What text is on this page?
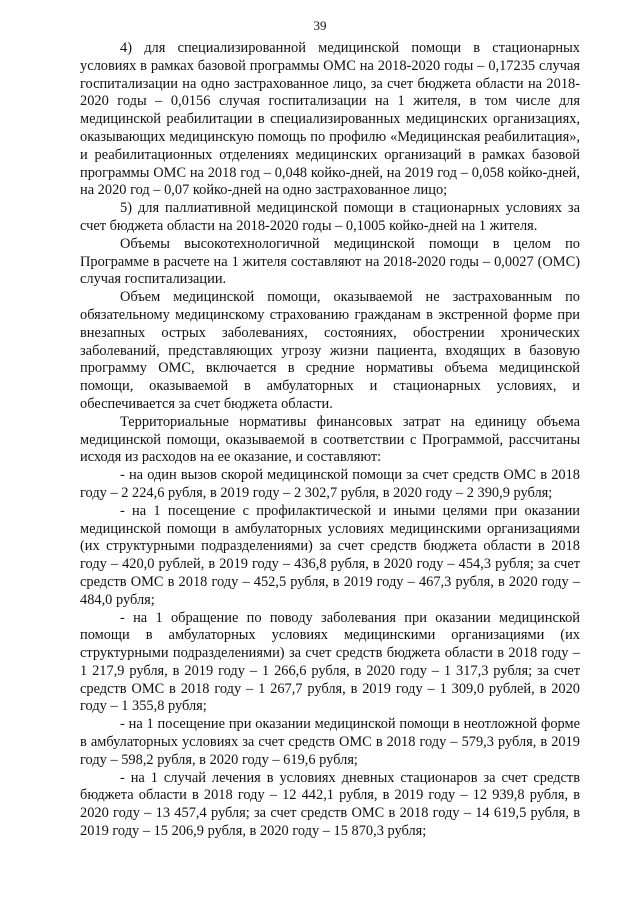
39

4) для специализированной медицинской помощи в стационарных условиях в рамках базовой программы ОМС на 2018-2020 годы – 0,17235 случая госпитализации на одно застрахованное лицо, за счет бюджета области на 2018-2020 годы – 0,0156 случая госпитализации на 1 жителя, в том числе для медицинской реабилитации в специализированных медицинских организациях, оказывающих медицинскую помощь по профилю «Медицинская реабилитация», и реабилитационных отделениях медицинских организаций в рамках базовой программы ОМС на 2018 год – 0,048 койко-дней, на 2019 год – 0,058 койко-дней, на 2020 год – 0,07 койко-дней на одно застрахованное лицо;

5) для паллиативной медицинской помощи в стационарных условиях за счет бюджета области на 2018-2020 годы – 0,1005 койко-дней на 1 жителя.

Объемы высокотехнологичной медицинской помощи в целом по Программе в расчете на 1 жителя составляют на 2018-2020 годы – 0,0027 (ОМС) случая госпитализации.

Объем медицинской помощи, оказываемой не застрахованным по обязательному медицинскому страхованию гражданам в экстренной форме при внезапных острых заболеваниях, состояниях, обострении хронических заболеваний, представляющих угрозу жизни пациента, входящих в базовую программу ОМС, включается в средние нормативы объема медицинской помощи, оказываемой в амбулаторных и стационарных условиях, и обеспечивается за счет бюджета области.

Территориальные нормативы финансовых затрат на единицу объема медицинской помощи, оказываемой в соответствии с Программой, рассчитаны исходя из расходов на ее оказание, и составляют:

- на один вызов скорой медицинской помощи за счет средств ОМС в 2018 году – 2 224,6 рубля, в 2019 году – 2 302,7 рубля, в 2020 году – 2 390,9 рубля;

- на 1 посещение с профилактической и иными целями при оказании медицинской помощи в амбулаторных условиях медицинскими организациями (их структурными подразделениями) за счет средств бюджета области в 2018 году – 420,0 рублей, в 2019 году – 436,8 рубля, в 2020 году – 454,3 рубля; за счет средств ОМС в 2018 году – 452,5 рубля, в 2019 году – 467,3 рубля, в 2020 году – 484,0 рубля;

- на 1 обращение по поводу заболевания при оказании медицинской помощи в амбулаторных условиях медицинскими организациями (их структурными подразделениями) за счет средств бюджета области в 2018 году – 1 217,9 рубля, в 2019 году – 1 266,6 рубля, в 2020 году – 1 317,3 рубля; за счет средств ОМС в 2018 году – 1 267,7 рубля, в 2019 году – 1 309,0 рублей, в 2020 году – 1 355,8 рубля;

- на 1 посещение при оказании медицинской помощи в неотложной форме в амбулаторных условиях за счет средств ОМС в 2018 году – 579,3 рубля, в 2019 году – 598,2 рубля, в 2020 году – 619,6 рубля;

- на 1 случай лечения в условиях дневных стационаров за счет средств бюджета области в 2018 году – 12 442,1 рубля, в 2019 году – 12 939,8 рубля, в 2020 году – 13 457,4 рубля; за счет средств ОМС в 2018 году – 14 619,5 рубля, в 2019 году – 15 206,9 рубля, в 2020 году – 15 870,3 рубля;
